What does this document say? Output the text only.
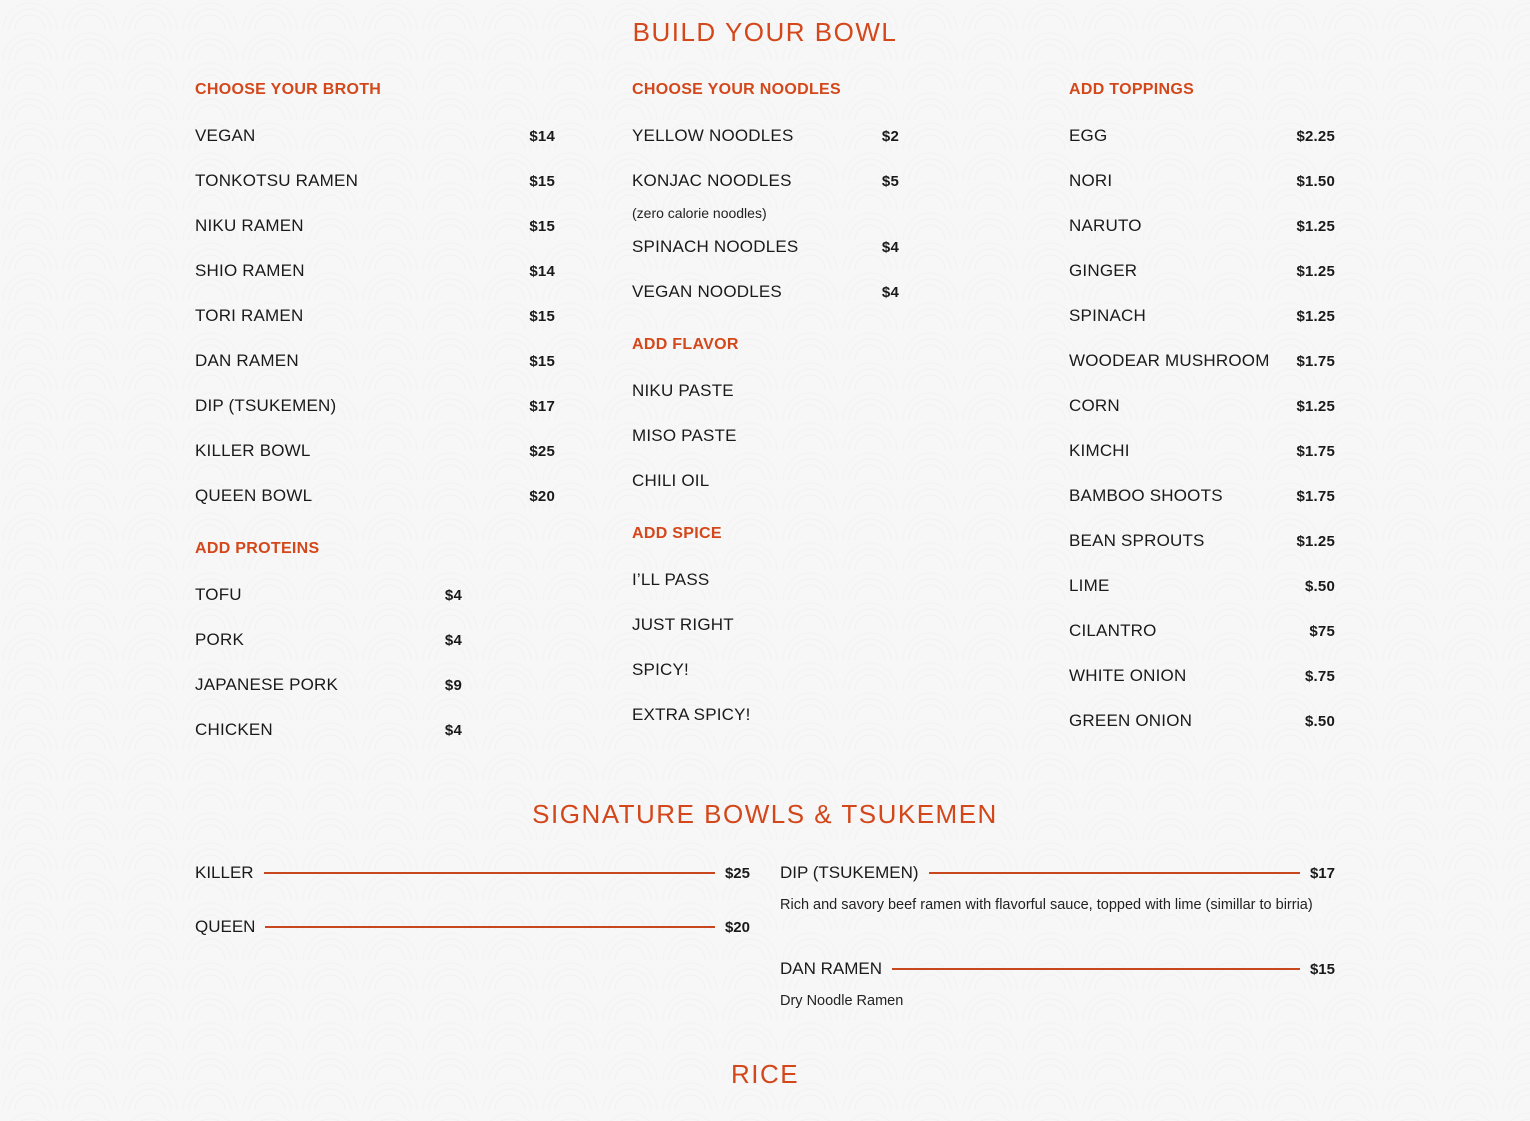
BUILD YOUR BOWL
CHOOSE YOUR BROTH
VEGAN	$14
TONKOTSU RAMEN	$15
NIKU RAMEN	$15
SHIO RAMEN	$14
TORI RAMEN	$15
DAN RAMEN	$15
DIP (TSUKEMEN)	$17
KILLER BOWL	$25
QUEEN BOWL	$20
ADD PROTEINS
TOFU	$4
PORK	$4
JAPANESE PORK	$9
CHICKEN	$4
CHOOSE YOUR NOODLES
YELLOW NOODLES	$2
KONJAC NOODLES	$5
(zero calorie noodles)
SPINACH NOODLES	$4
VEGAN NOODLES	$4
ADD FLAVOR
NIKU PASTE
MISO PASTE
CHILI OIL
ADD SPICE
I’LL PASS
JUST RIGHT
SPICY!
EXTRA SPICY!
ADD TOPPINGS
EGG	$2.25
NORI	$1.50
NARUTO	$1.25
GINGER	$1.25
SPINACH	$1.25
WOODEAR MUSHROOM $1.75
CORN	$1.25
KIMCHI	$1.75
BAMBOO SHOOTS	$1.75
BEAN SPROUTS	$1.25
LIME	$.50
CILANTRO	$75
WHITE ONION	$.75
GREEN ONION	$.50
SIGNATURE BOWLS & TSUKEMEN
KILLER	$25
QUEEN	$20
DIP (TSUKEMEN)	$17
Rich and savory beef ramen with flavorful sauce, topped with lime (simillar to birria)
DAN RAMEN	$15
Dry Noodle Ramen
RICE
